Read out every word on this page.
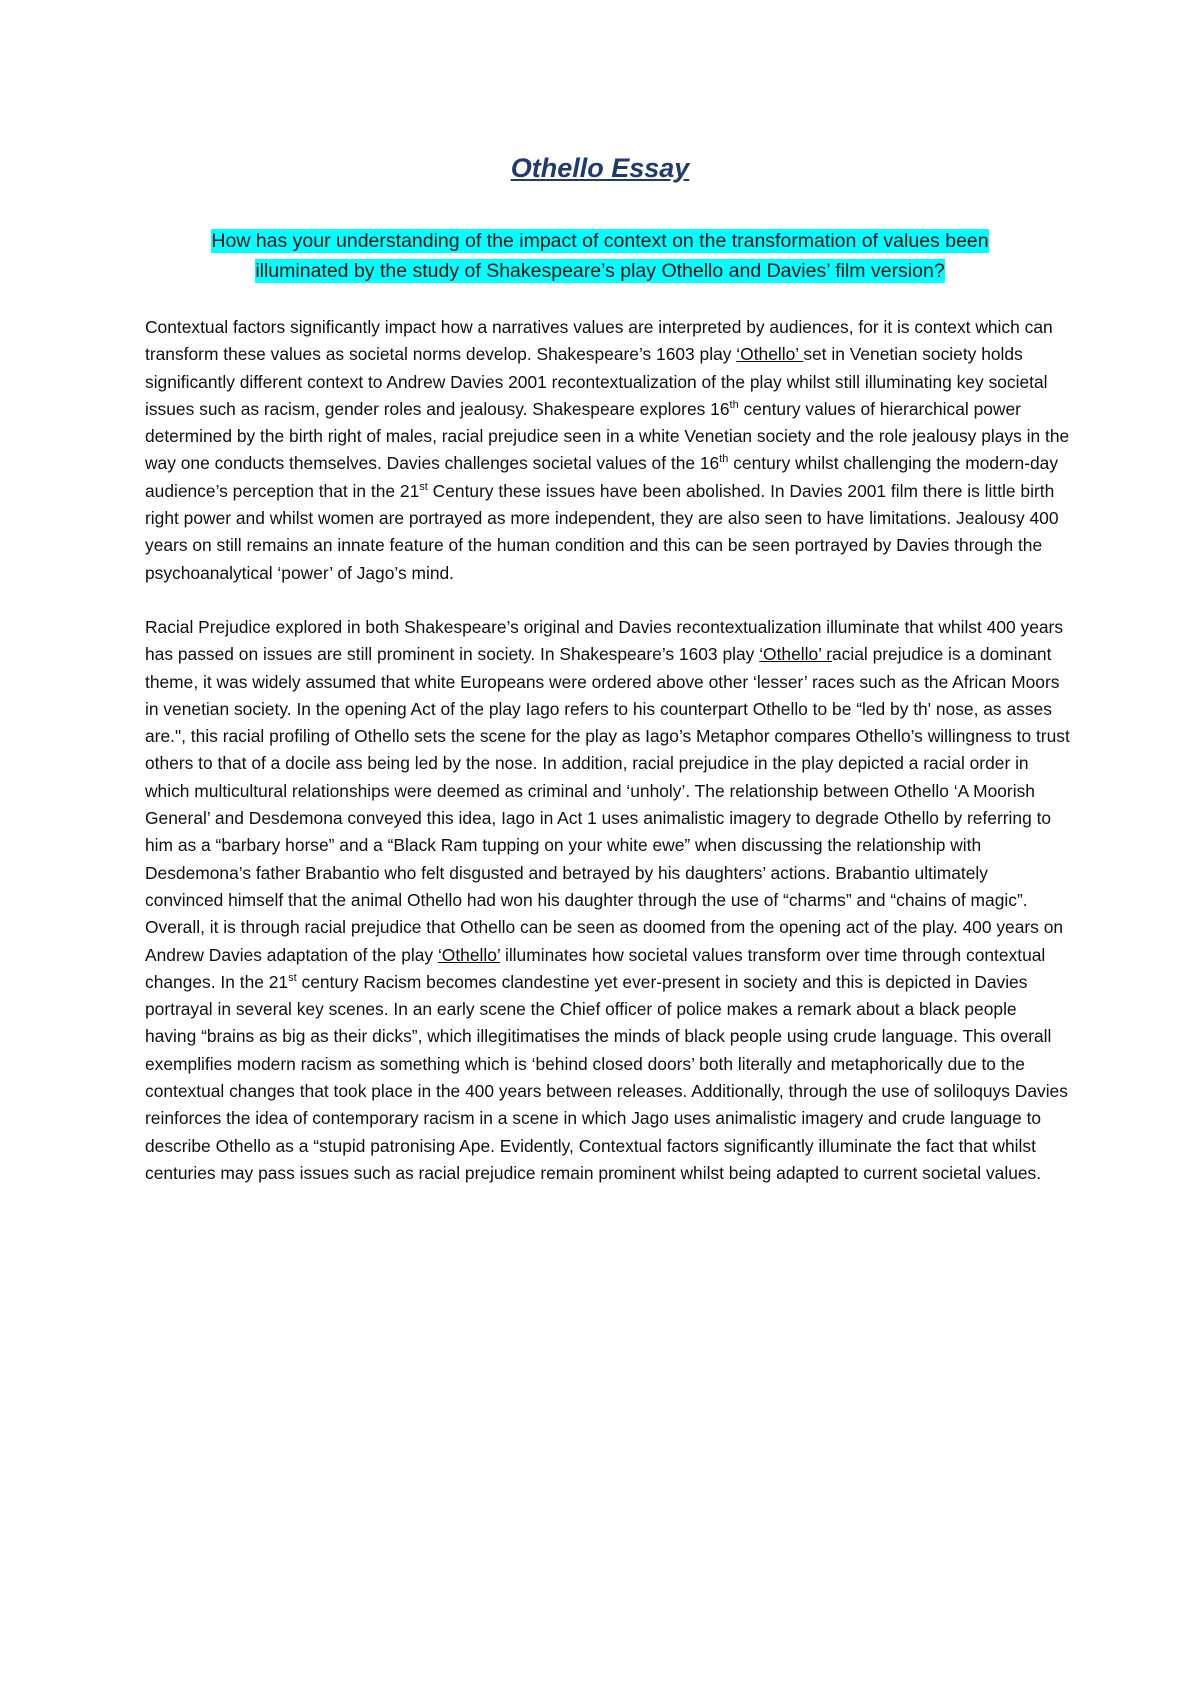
Othello Essay
How has your understanding of the impact of context on the transformation of values been
illuminated by the study of Shakespeare’s play Othello and Davies’ film version?

Contextual factors significantly impact how a narratives values are interpreted by audiences, for it is context which can transform these values as societal norms develop. Shakespeare’s 1603 play ‘Othello’ set in Venetian society holds significantly different context to Andrew Davies 2001 recontextualization of the play whilst still illuminating key societal issues such as racism, gender roles and jealousy. Shakespeare explores 16th century values of hierarchical power determined by the birth right of males, racial prejudice seen in a white Venetian society and the role jealousy plays in the way one conducts themselves. Davies challenges societal values of the 16th century whilst challenging the modern-day audience’s perception that in the 21st Century these issues have been abolished. In Davies 2001 film there is little birth right power and whilst women are portrayed as more independent, they are also seen to have limitations. Jealousy 400 years on still remains an innate feature of the human condition and this can be seen portrayed by Davies through the psychoanalytical ‘power’ of Jago’s mind.

Racial Prejudice explored in both Shakespeare’s original and Davies recontextualization illuminate that whilst 400 years has passed on issues are still prominent in society. In Shakespeare’s 1603 play ‘Othello’ racial prejudice is a dominant theme, it was widely assumed that white Europeans were ordered above other ‘lesser’ races such as the African Moors in venetian society. In the opening Act of the play Iago refers to his counterpart Othello to be “led by th' nose, as asses are.", this racial profiling of Othello sets the scene for the play as Iago’s Metaphor compares Othello’s willingness to trust others to that of a docile ass being led by the nose. In addition, racial prejudice in the play depicted a racial order in which multicultural relationships were deemed as criminal and ‘unholy’. The relationship between Othello ‘A Moorish General’ and Desdemona conveyed this idea, Iago in Act 1 uses animalistic imagery to degrade Othello by referring to him as a “barbary horse” and a “Black Ram tupping on your white ewe” when discussing the relationship with Desdemona’s father Brabantio who felt disgusted and betrayed by his daughters’ actions. Brabantio ultimately convinced himself that the animal Othello had won his daughter through the use of “charms” and “chains of magic”. Overall, it is through racial prejudice that Othello can be seen as doomed from the opening act of the play. 400 years on Andrew Davies adaptation of the play ‘Othello’ illuminates how societal values transform over time through contextual changes. In the 21st century Racism becomes clandestine yet ever-present in society and this is depicted in Davies portrayal in several key scenes. In an early scene the Chief officer of police makes a remark about a black people having “brains as big as their dicks”, which illegitimatises the minds of black people using crude language. This overall exemplifies modern racism as something which is ‘behind closed doors’ both literally and metaphorically due to the contextual changes that took place in the 400 years between releases. Additionally, through the use of soliloquys Davies reinforces the idea of contemporary racism in a scene in which Jago uses animalistic imagery and crude language to describe Othello as a “stupid patronising Ape. Evidently, Contextual factors significantly illuminate the fact that whilst centuries may pass issues such as racial prejudice remain prominent whilst being adapted to current societal values.
